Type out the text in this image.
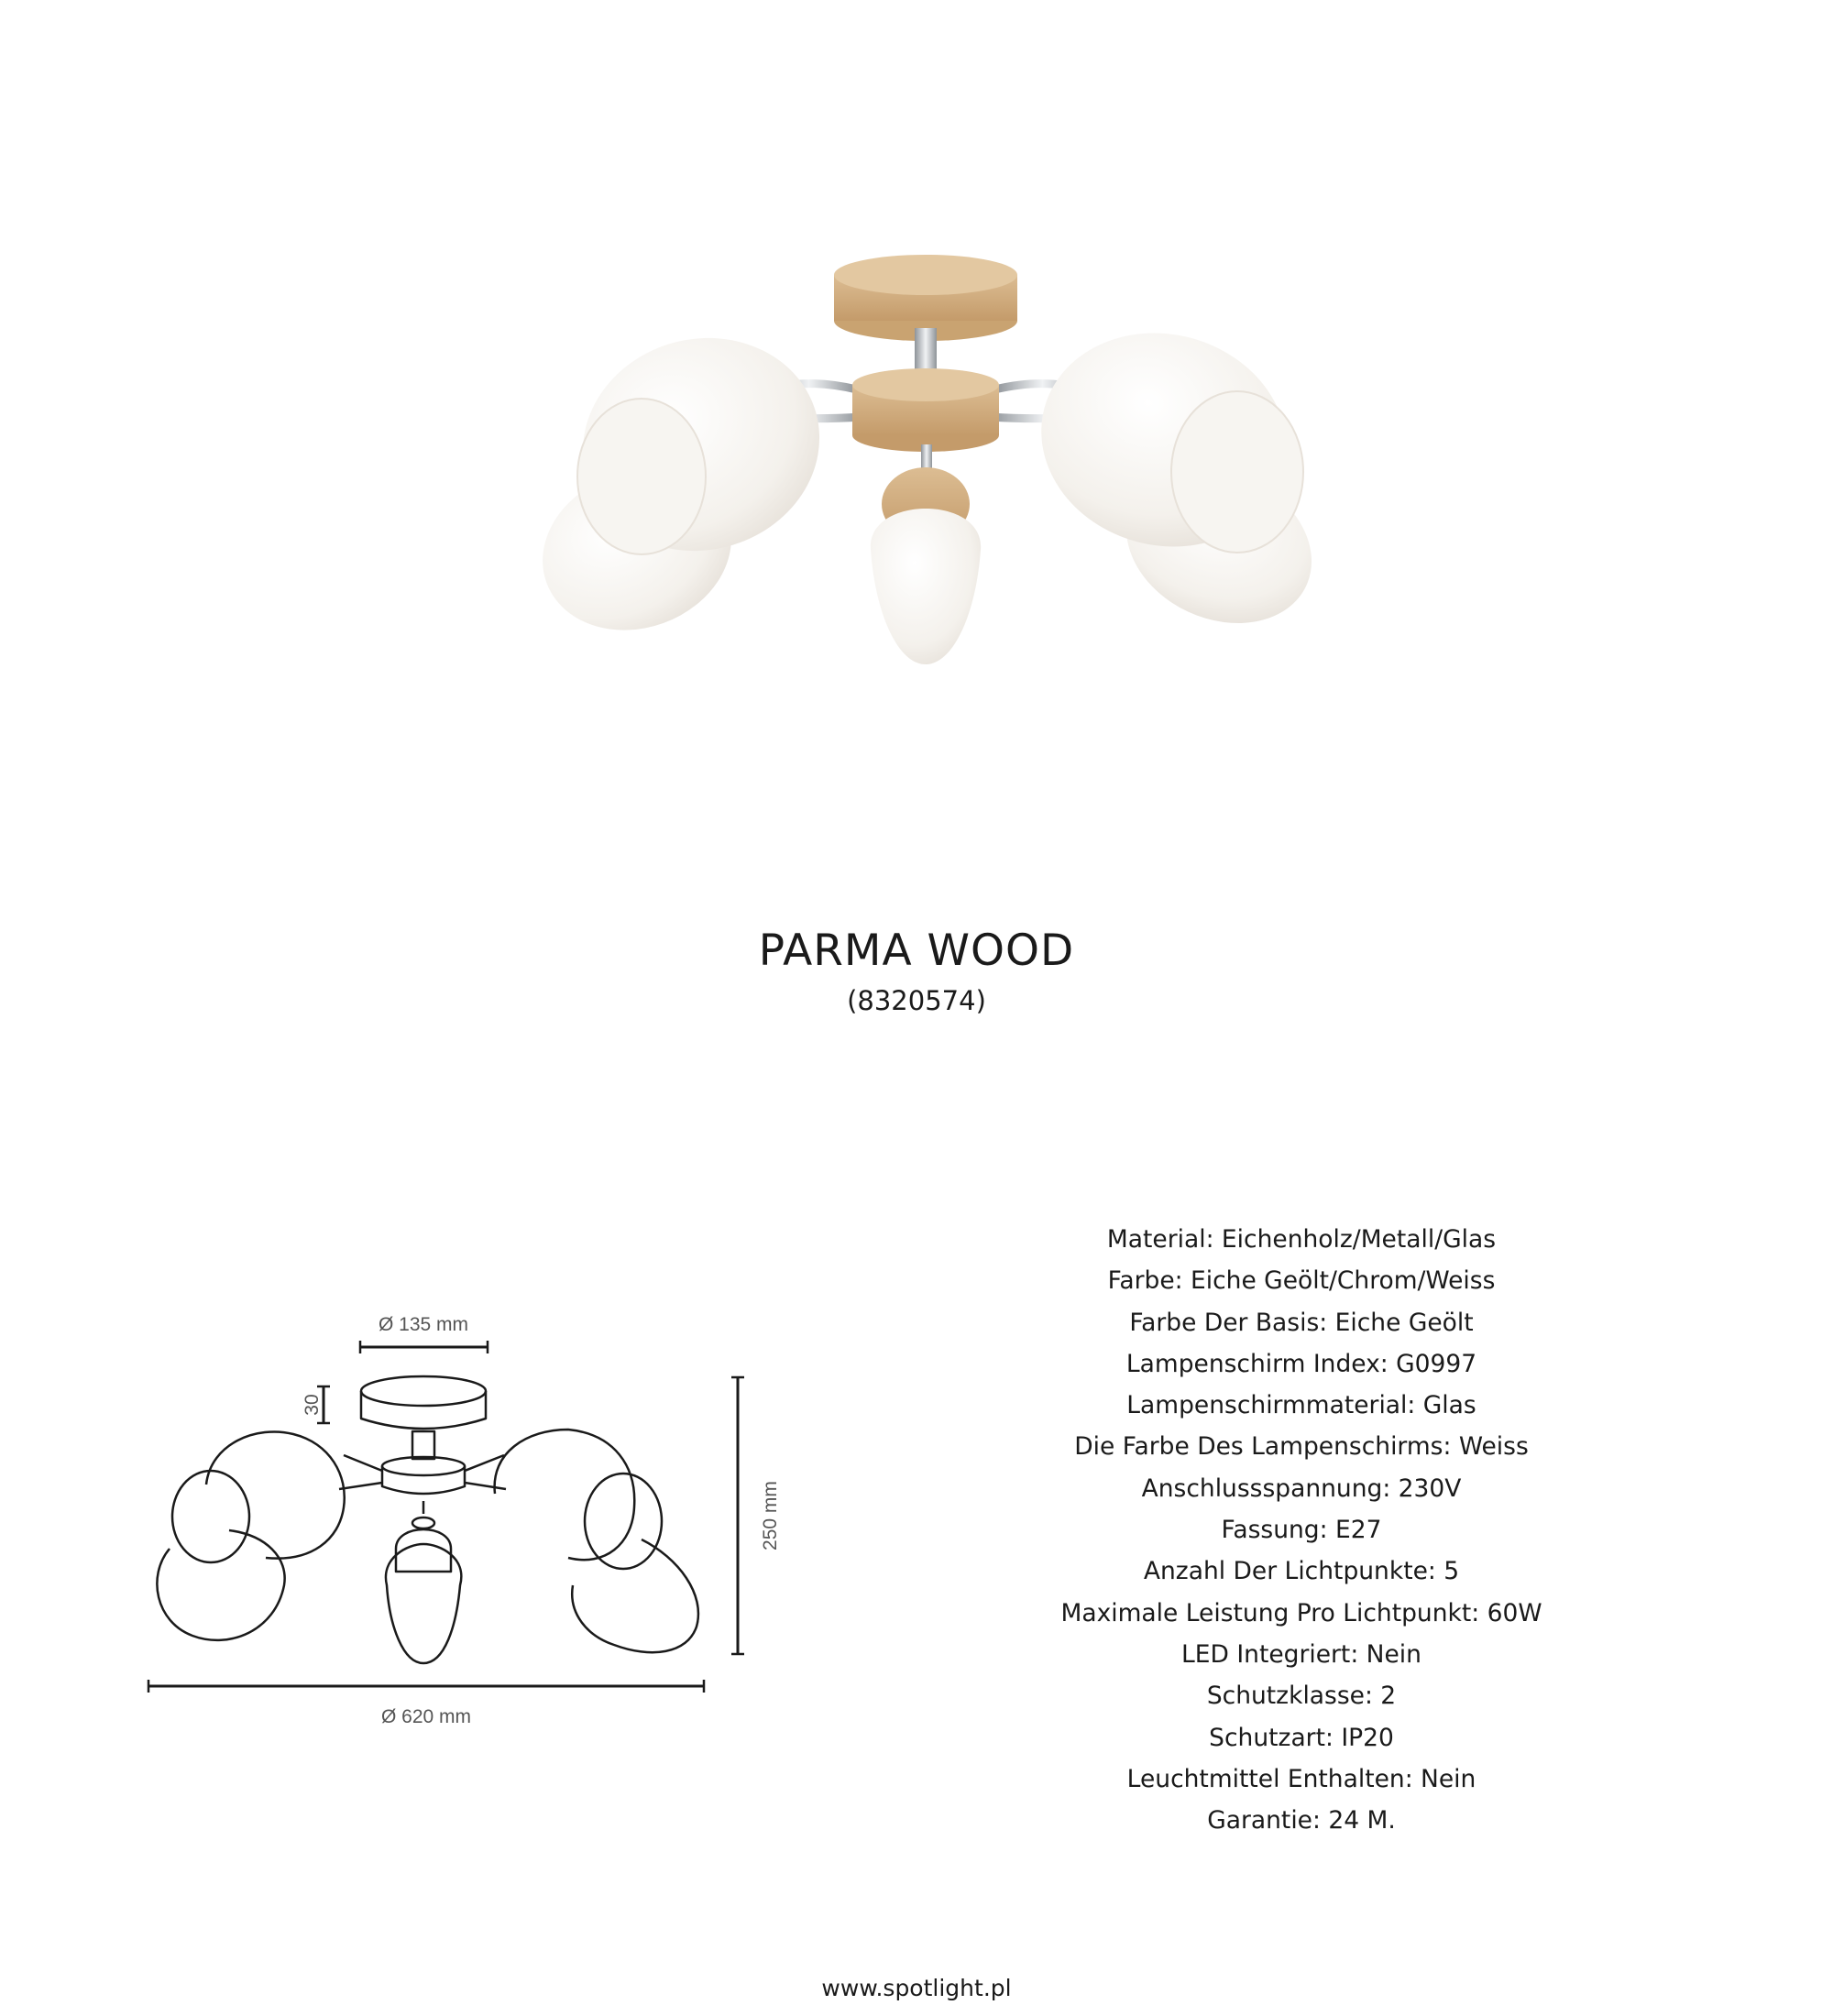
PARMA WOOD
(8320574)
Ø 135 mm
30
250 mm
Ø 620 mm
Material: Eichenholz/Metall/Glas
Farbe: Eiche Geölt/Chrom/Weiss
Farbe Der Basis: Eiche Geölt
Lampenschirm Index: G0997
Lampenschirmmaterial: Glas
Die Farbe Des Lampenschirms: Weiss
Anschlussspannung: 230V
Fassung: E27
Anzahl Der Lichtpunkte: 5
Maximale Leistung Pro Lichtpunkt: 60W
LED Integriert: Nein
Schutzklasse: 2
Schutzart: IP20
Leuchtmittel Enthalten: Nein
Garantie: 24 M.
www.spotlight.pl
